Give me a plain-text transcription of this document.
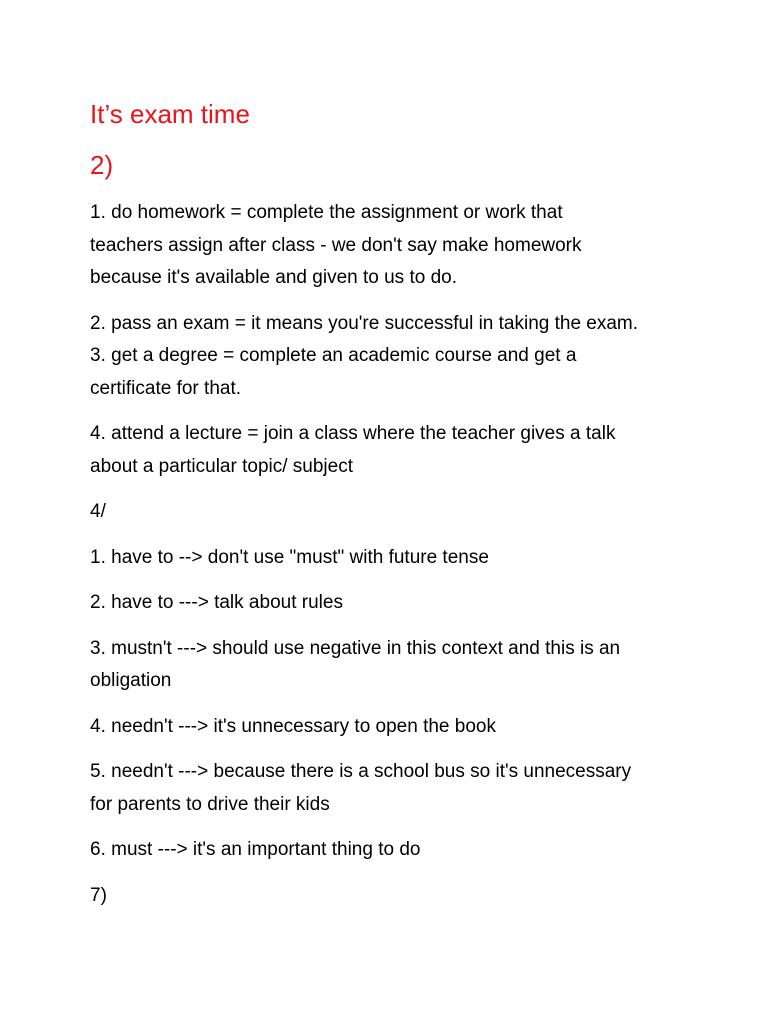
It’s exam time
2)
1. do homework = complete the assignment or work that
teachers assign after class - we don't say make homework
because it's available and given to us to do.
2. pass an exam = it means you're successful in taking the exam.
3. get a degree = complete an academic course and get a
certificate for that.
4. attend a lecture = join a class where the teacher gives a talk
about a particular topic/ subject
4/
1. have to --> don't use "must" with future tense
2. have to ---> talk about rules
3. mustn't ---> should use negative in this context and this is an
obligation
4. needn't ---> it's unnecessary to open the book
5. needn't ---> because there is a school bus so it's unnecessary
for parents to drive their kids
6. must ---> it's an important thing to do
7)
